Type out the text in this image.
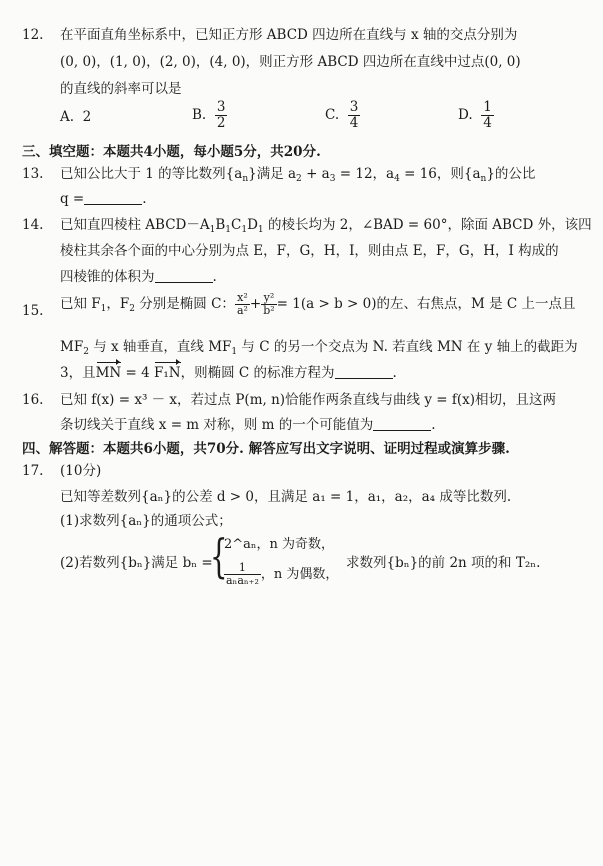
12. 在平面直角坐标系中，已知正方形 ABCD 四边所在直线与 x 轴的交点分别为
(0, 0)，(1, 0)，(2, 0)，(4, 0)，则正方形 ABCD 四边所在直线中过点(0, 0)
的直线的斜率可以是
A. 2	B. $\frac{3}{2}$	C. $\frac{3}{4}$	D. $\frac{1}{4}$
三、填空题：本题共4小题，每小题5分，共20分.
13. 已知公比大于 1 的等比数列$\{a_n\}$满足 $a_2 + a_3 = 12$，$a_4 = 16$，则$\{a_n\}$的公比
q =	.
14. 已知直四棱柱 $ABCD-A_1B_1C_1D_1$ 的棱长均为 2，∠BAD = 60°，除面 ABCD 外，该四
棱柱其余各个面的中心分别为点 E，F，G，H，I，则由点 E，F，G，H，I 构成的
四棱锥的体积为	.
15. 已知 $F_1$，$F_2$ 分别是椭圆 C： $\frac{\text{x²}}{\text{a²}} + \frac{\text{y²}}{\text{b²}} = 1(a > b > 0)$的左、右焦点，M 是 C 上一点且
$MF_2$ 与 x 轴垂直，直线 $MF_1$ 与 C 的另一个交点为 N. 若直线 MN 在 y 轴上的截距为
3，且MN = 4 F₁N，则椭圆 C 的标准方程为	.
16. 已知 f(x) = x³ － x，若过点 P(m, n)恰能作两条直线与曲线 y = f(x)相切，且这两
条切线关于直线 x = m 对称，则 m 的一个可能值为	.
四、解答题：本题共6小题，共70分. 解答应写出文字说明、证明过程或演算步骤.
17. (10分)
已知等差数列{aₙ}的公差 d > 0，且满足 a₁ = 1，a₁，a₂，a₄ 成等比数列.
(1)求数列{aₙ}的通项公式；
(2)若数列{bₙ}满足 bₙ =
{
2^aₙ，n 为奇数，
$\frac{1}{\text{aₙaₙ₊₂}}$ ，n 为偶数，
求数列{bₙ}的前 2n 项的和 T₂ₙ.
